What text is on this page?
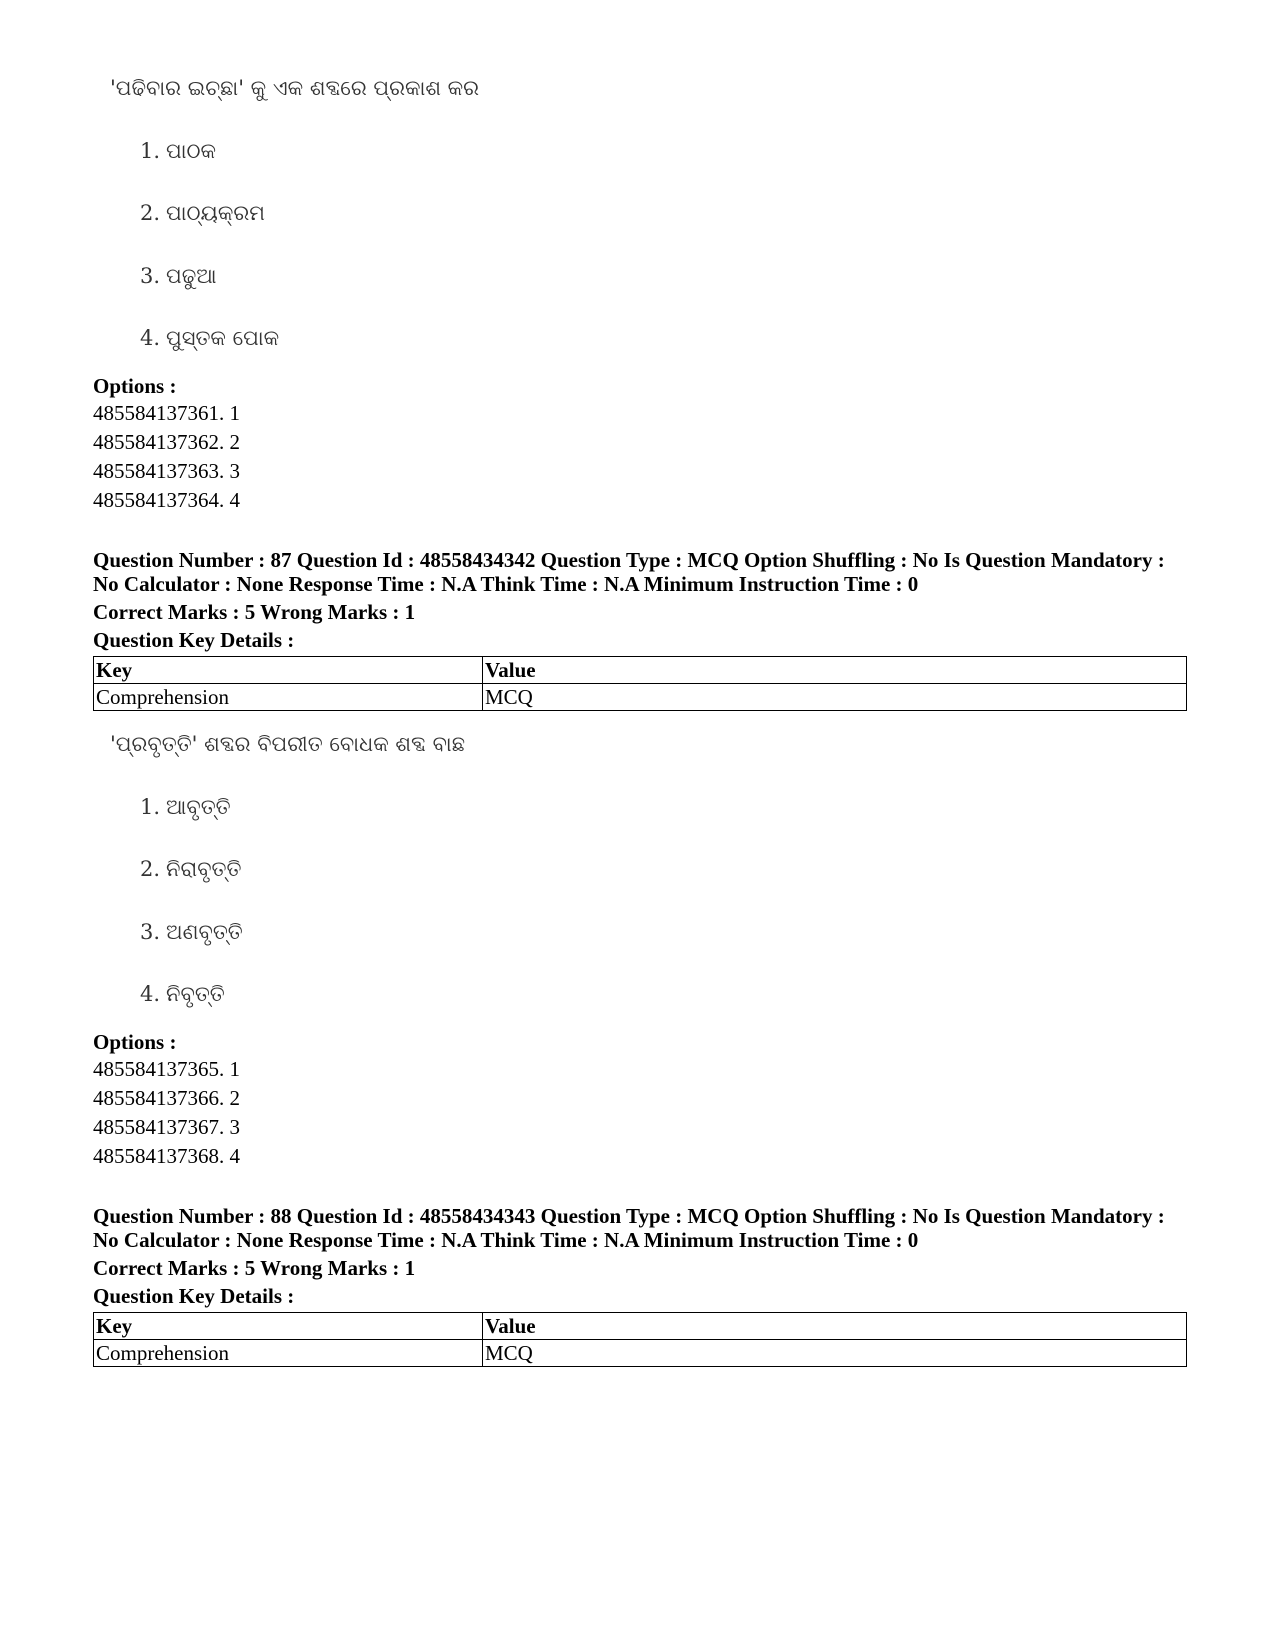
'ପଢିବାର ଇଚ୍ଛା' କୁ ଏକ ଶବ୍ଦରେ ପ୍ରକାଶ କର
1. ପାଠକ
2. ପାଠ୍ୟକ୍ରମ
3. ପଢୁଆ
4. ପୁସ୍ତକ ପୋକ
Options :
485584137361. 1
485584137362. 2
485584137363. 3
485584137364. 4
Question Number : 87 Question Id : 48558434342 Question Type : MCQ Option Shuffling : No Is Question Mandatory :
No Calculator : None Response Time : N.A Think Time : N.A Minimum Instruction Time : 0
Correct Marks : 5 Wrong Marks : 1
Question Key Details :
Key	Value
Comprehension	MCQ
'ପ୍ରବୃତ୍ତି' ଶବ୍ଦର ବିପରୀତ ବୋଧକ ଶବ୍ଦ ବାଛ
1. ଆବୃତ୍ତି
2. ନିରାବୃତ୍ତି
3. ଅଣବୃତ୍ତି
4. ନିବୃତ୍ତି
Options :
485584137365. 1
485584137366. 2
485584137367. 3
485584137368. 4
Question Number : 88 Question Id : 48558434343 Question Type : MCQ Option Shuffling : No Is Question Mandatory :
No Calculator : None Response Time : N.A Think Time : N.A Minimum Instruction Time : 0
Correct Marks : 5 Wrong Marks : 1
Question Key Details :
Key	Value
Comprehension	MCQ
